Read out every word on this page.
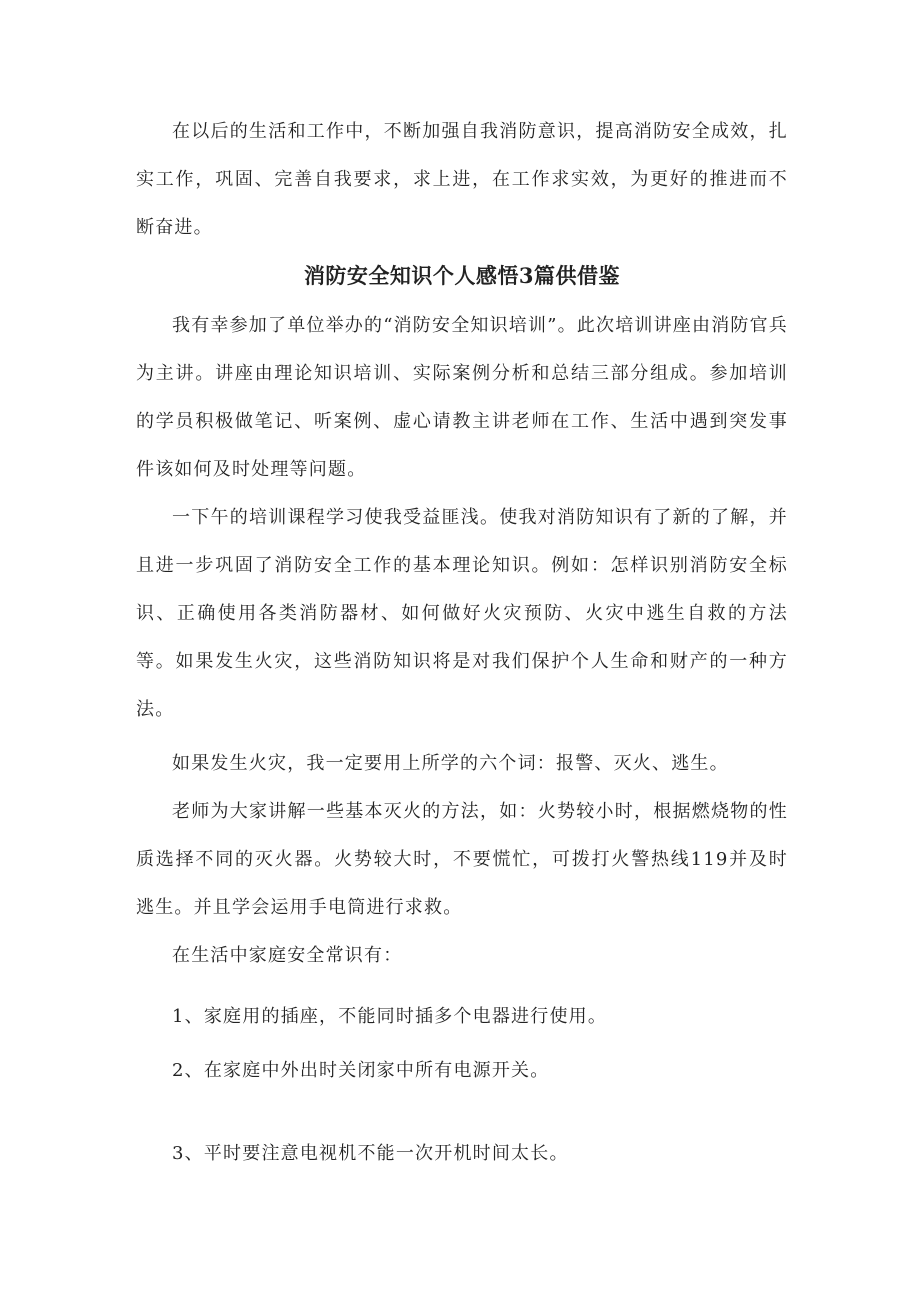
在以后的生活和工作中，不断加强自我消防意识，提高消防安全成效，扎实工作，巩固、完善自我要求，求上进，在工作求实效，为更好的推进而不断奋进。

消防安全知识个人感悟3篇供借鉴

我有幸参加了单位举办的“消防安全知识培训”。此次培训讲座由消防官兵为主讲。讲座由理论知识培训、实际案例分析和总结三部分组成。参加培训的学员积极做笔记、听案例、虚心请教主讲老师在工作、生活中遇到突发事件该如何及时处理等问题。

一下午的培训课程学习使我受益匪浅。使我对消防知识有了新的了解，并且进一步巩固了消防安全工作的基本理论知识。例如：怎样识别消防安全标识、正确使用各类消防器材、如何做好火灾预防、火灾中逃生自救的方法等。如果发生火灾，这些消防知识将是对我们保护个人生命和财产的一种方法。

如果发生火灾，我一定要用上所学的六个词：报警、灭火、逃生。

老师为大家讲解一些基本灭火的方法，如：火势较小时，根据燃烧物的性质选择不同的灭火器。火势较大时，不要慌忙，可拨打火警热线119并及时逃生。并且学会运用手电筒进行求救。

在生活中家庭安全常识有：

1、家庭用的插座，不能同时插多个电器进行使用。

2、在家庭中外出时关闭家中所有电源开关。

3、平时要注意电视机不能一次开机时间太长。
